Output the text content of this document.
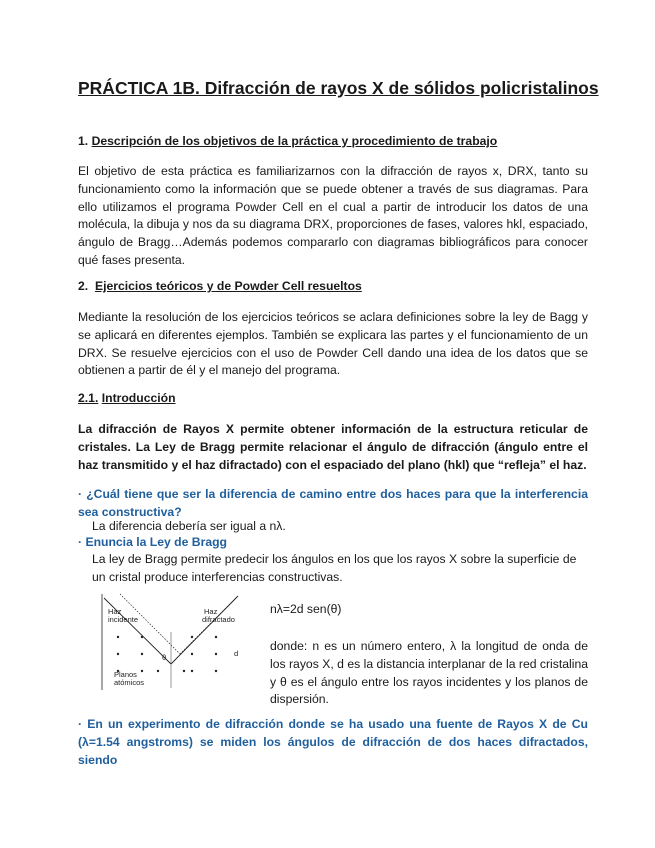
PRÁCTICA 1B. Difracción de rayos X de sólidos policristalinos
1. Descripción de los objetivos de la práctica y procedimiento de trabajo
El objetivo de esta práctica es familiarizarnos con la difracción de rayos x, DRX, tanto su funcionamiento como la información que se puede obtener a través de sus diagramas. Para ello utilizamos el programa Powder Cell en el cual a partir de introducir los datos de una molécula, la dibuja y nos da su diagrama DRX, proporciones de fases, valores hkl, espaciado, ángulo de Bragg…Además podemos compararlo con diagramas bibliográficos para conocer qué fases presenta.
2. Ejercicios teóricos y de Powder Cell resueltos
Mediante la resolución de los ejercicios teóricos se aclara definiciones sobre la ley de Bagg y se aplicará en diferentes ejemplos. También se explicara las partes y el funcionamiento de un DRX. Se resuelve ejercicios con el uso de Powder Cell dando una idea de los datos que se obtienen a partir de él y el manejo del programa.
2.1. Introducción
La difracción de Rayos X permite obtener información de la estructura reticular de cristales. La Ley de Bragg permite relacionar el ángulo de difracción (ángulo entre el haz transmitido y el haz difractado) con el espaciado del plano (hkl) que “refleja” el haz.
· ¿Cuál tiene que ser la diferencia de camino entre dos haces para que la interferencia sea constructiva?
La diferencia debería ser igual a nλ.
· Enuncia la Ley de Bragg
La ley de Bragg permite predecir los ángulos en los que los rayos X sobre la superficie de un cristal produce interferencias constructivas.
Haz
incidente
Haz
difractado
Planos
atómicos
θ	d
nλ=2d sen(θ)
donde: n es un número entero, λ la longitud de onda de los rayos X, d es la distancia interplanar de la red cristalina y θ es el ángulo entre los rayos incidentes y los planos de dispersión.
· En un experimento de difracción donde se ha usado una fuente de Rayos X de Cu (λ=1.54 angstroms) se miden los ángulos de difracción de dos haces difractados, siendo
